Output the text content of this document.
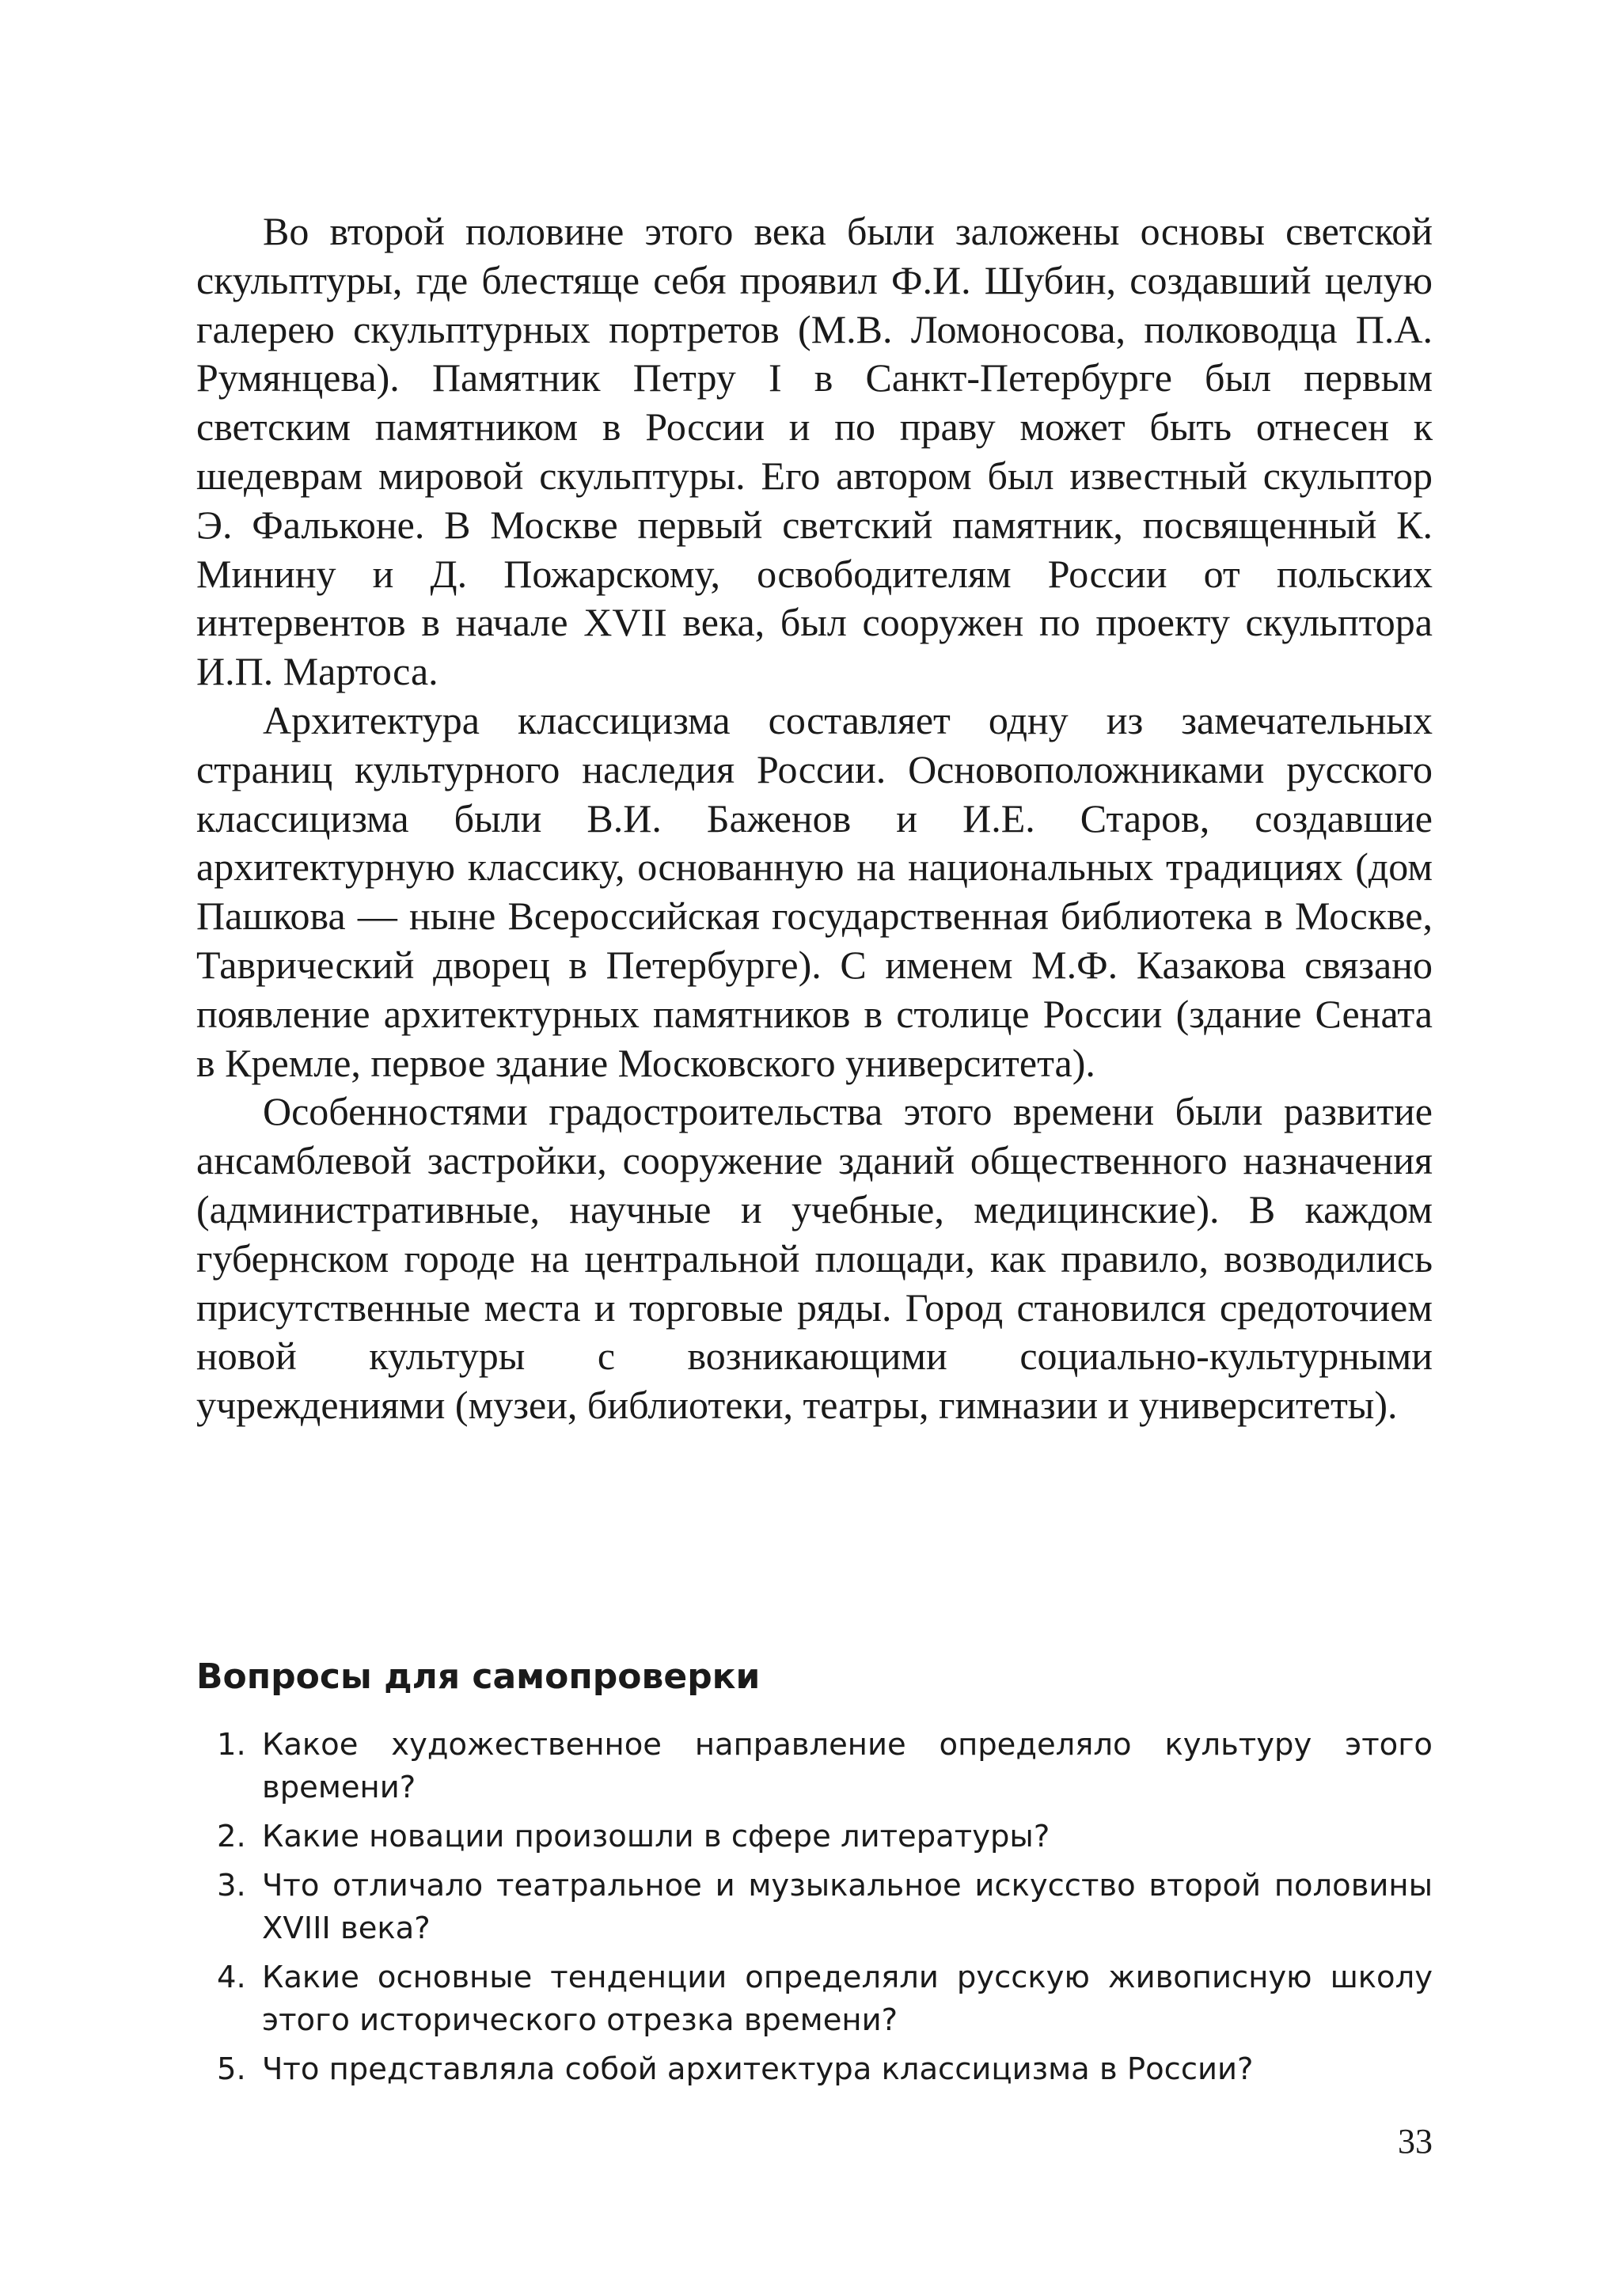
Во второй половине этого века были заложены основы светской скульптуры, где блестяще себя проявил Ф.И. Шубин, создавший целую галерею скульптурных портретов (М.В. Ломоносова, полководца П.А. Румянцева). Памятник Петру I в Санкт-Петербурге был первым светским памятником в России и по праву может быть отнесен к шедеврам мировой скульптуры. Его автором был известный скульптор Э. Фальконе. В Москве первый светский памятник, посвященный К. Минину и Д. Пожарскому, освободителям России от польских интервентов в начале XVII века, был сооружен по проекту скульптора И.П. Мартоса.

Архитектура классицизма составляет одну из замечательных страниц культурного наследия России. Основоположниками русского классицизма были В.И. Баженов и И.Е. Старов, создавшие архитектурную классику, основанную на национальных традициях (дом Пашкова — ныне Всероссийская государственная библиотека в Москве, Таврический дворец в Петербурге). С именем М.Ф. Казакова связано появление архитектурных памятников в столице России (здание Сената в Кремле, первое здание Московского университета).

Особенностями градостроительства этого времени были развитие ансамблевой застройки, сооружение зданий общественного назначения (административные, научные и учебные, медицинские). В каждом губернском городе на центральной площади, как правило, возводились присутственные места и торговые ряды. Город становился средоточием новой культуры с возникающими социально-культурными учреждениями (музеи, библиотеки, театры, гимназии и университеты).

Вопросы для самопроверки
1. Какое художественное направление определяло культуру этого времени?
2. Какие новации произошли в сфере литературы?
3. Что отличало театральное и музыкальное искусство второй половины XVIII века?
4. Какие основные тенденции определяли русскую живописную школу этого исторического отрезка времени?
5. Что представляла собой архитектура классицизма в России?
33
